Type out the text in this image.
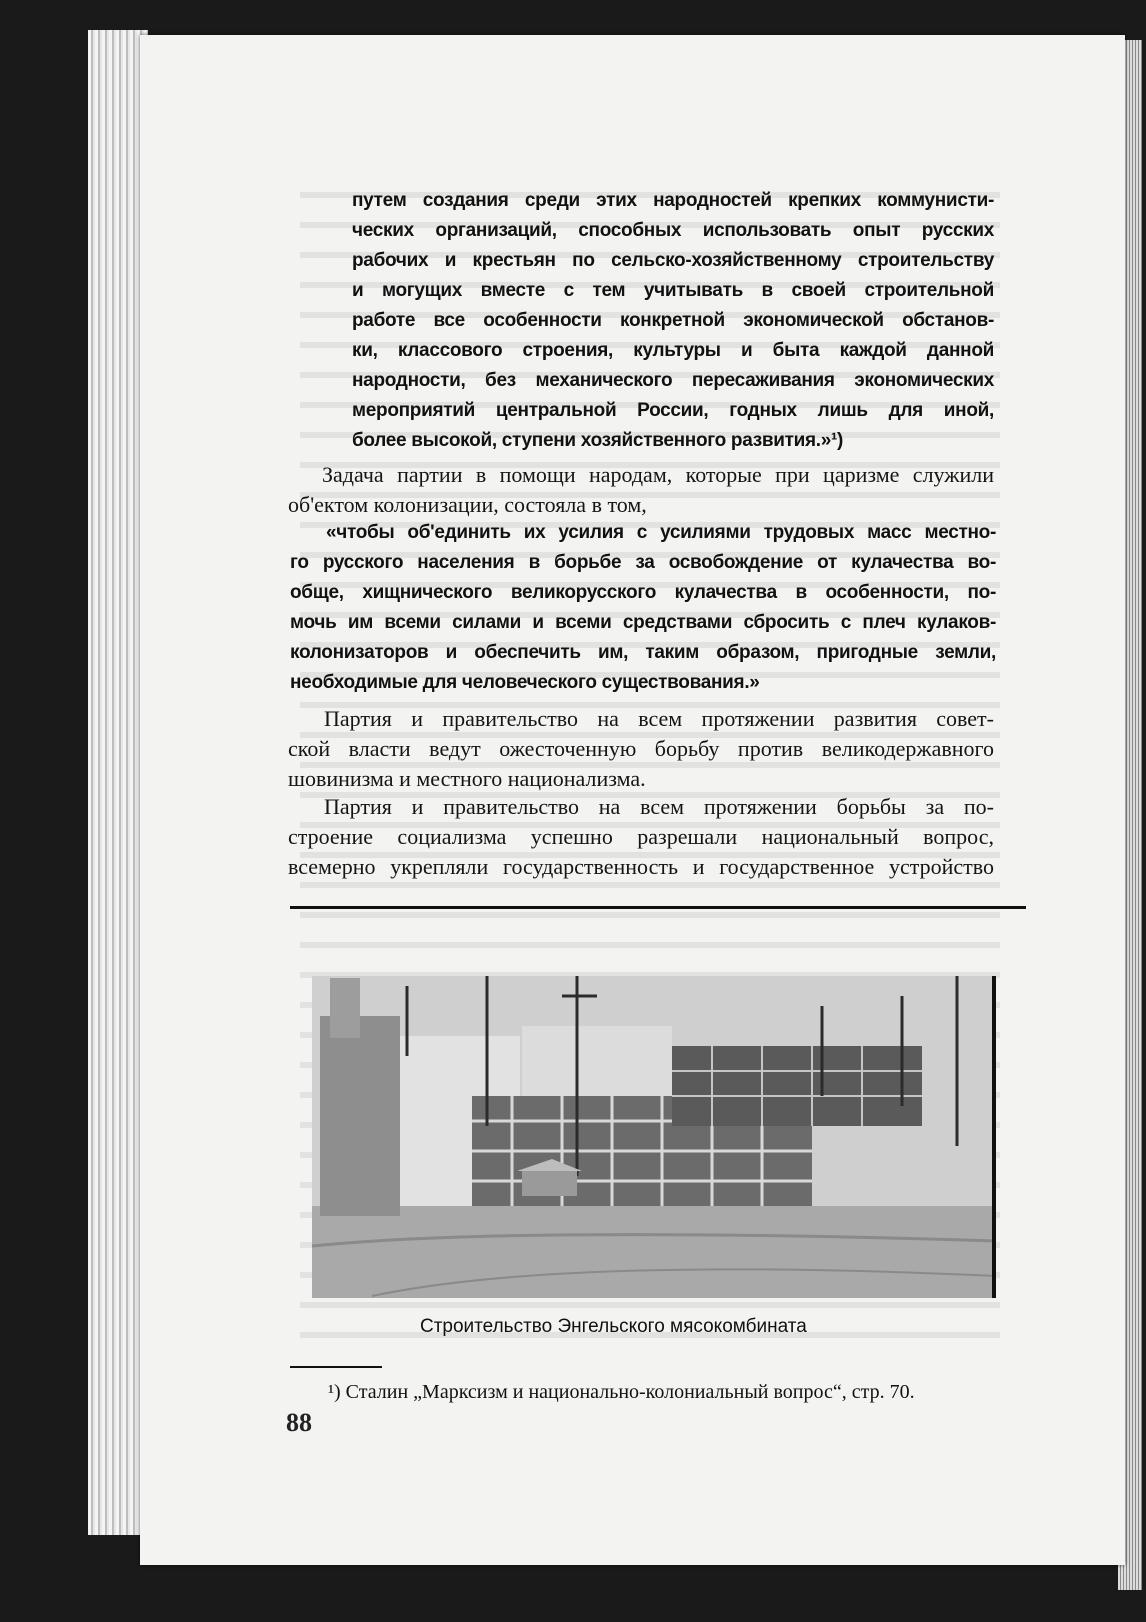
путем создания среди этих народностей крепких коммунисти-
ческих организаций, способных использовать опыт русских
рабочих и крестьян по сельско-хозяйственному строительству
и могущих вместе с тем учитывать в своей строительной
работе все особенности конкретной экономической обстанов-
ки, классового строения, культуры и быта каждой данной
народности, без механического пересаживания экономических
мероприятий центральной России, годных лишь для иной,
более высокой, ступени хозяйственного развития.»¹)
Задача партии в помощи народам, которые при царизме служили
об'ектом колонизации, состояла в том,
«чтобы об'единить их усилия с усилиями трудовых масс местно-
го русского населения в борьбе за освобождение от кулачества во-
обще, хищнического великорусского кулачества в особенности, по-
мочь им всеми силами и всеми средствами сбросить с плеч кулаков-
колонизаторов и обеспечить им, таким образом, пригодные земли,
необходимые для человеческого существования.»
Партия и правительство на всем протяжении развития совет-
ской власти ведут ожесточенную борьбу против великодержавного
шовинизма и местного национализма.
Партия и правительство на всем протяжении борьбы за по-
строение социализма успешно разрешали национальный вопрос,
всемерно укрепляли государственность и государственное устройство
Строительство Энгельского мясокомбината
¹) Сталин „Марксизм и национально-колониальный вопрос“, стр. 70.
88
